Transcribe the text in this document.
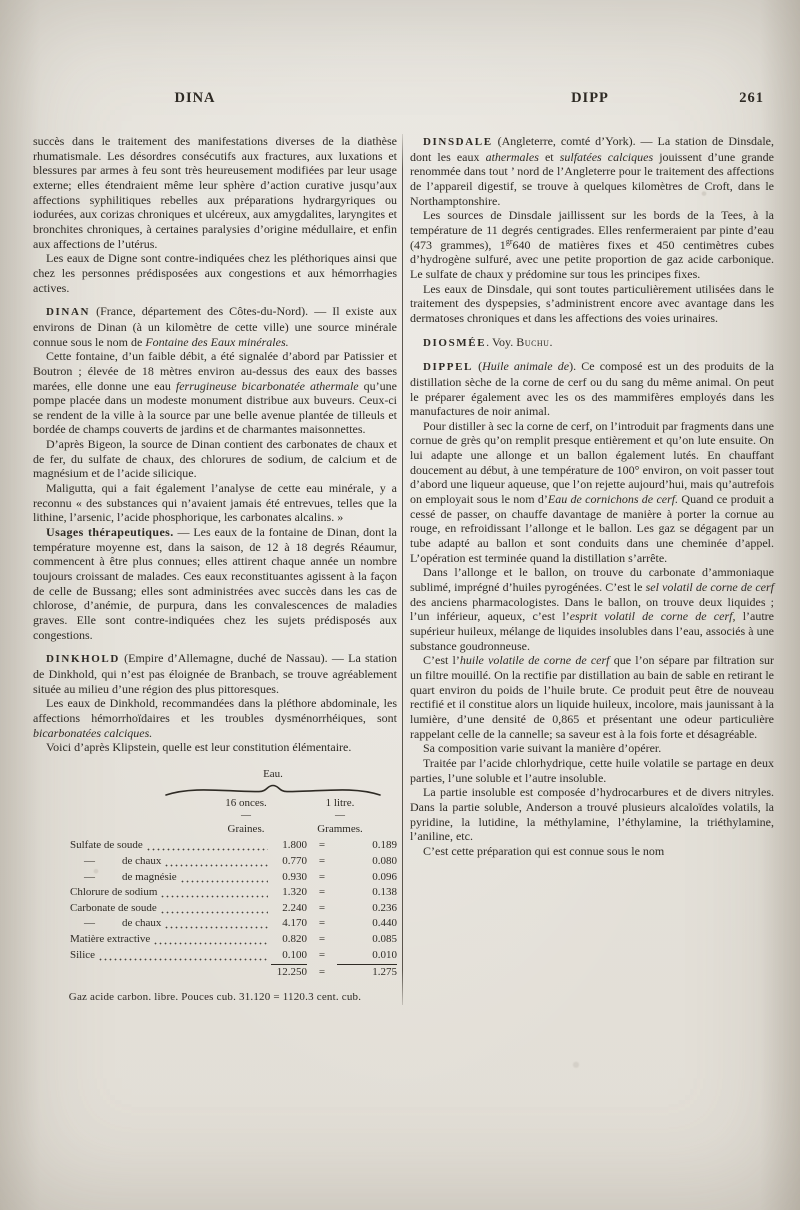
DINA	DIPP	261

succès dans le traitement des manifestations diverses de la diathèse rhumatismale. Les désordres consécutifs aux fractures, aux luxations et blessures par armes à feu sont très heureusement modifiées par leur usage externe; elles étendraient même leur sphère d’action curative jusqu’aux affections syphilitiques rebelles aux préparations hydrargyriques ou iodurées, aux corizas chroniques et ulcéreux, aux amygdalites, laryngites et bronchites chroniques, à certaines paralysies d’origine médullaire, et enfin aux affections de l’utérus.

Les eaux de Digne sont contre-indiquées chez les pléthoriques ainsi que chez les personnes prédisposées aux congestions et aux hémorrhagies actives.

DINAN (France, département des Côtes-du-Nord). — Il existe aux environs de Dinan (à un kilomètre de cette ville) une source minérale connue sous le nom de Fontaine des Eaux minérales.

Cette fontaine, d’un faible débit, a été signalée d’abord par Patissier et Boutron ; élevée de 18 mètres environ au-dessus des eaux des basses marées, elle donne une eau ferrugineuse bicarbonatée athermale qu’une pompe placée dans un modeste monument distribue aux buveurs. Ceux-ci se rendent de la ville à la source par une belle avenue plantée de tilleuls et bordée de champs couverts de jardins et de charmantes maisonnettes.

D’après Bigeon, la source de Dinan contient des carbonates de chaux et de fer, du sulfate de chaux, des chlorures de sodium, de calcium et de magnésium et de l’acide silicique.

Maligutta, qui a fait également l’analyse de cette eau minérale, y a reconnu « des substances qui n’avaient jamais été entrevues, telles que la lithine, l’arsenic, l’acide phosphorique, les carbonates alcalins. »

Usages thérapeutiques. — Les eaux de la fontaine de Dinan, dont la température moyenne est, dans la saison, de 12 à 18 degrés Réaumur, commencent à être plus connues; elles attirent chaque année un nombre toujours croissant de malades. Ces eaux reconstituantes agissent à la façon de celle de Bussang; elles sont administrées avec succès dans les cas de chlorose, d’anémie, de purpura, dans les convalescences de maladies graves. Elle sont contre-indiquées chez les sujets prédisposés aux congestions.

DINKHOLD (Empire d’Allemagne, duché de Nassau). — La station de Dinkhold, qui n’est pas éloignée de Branbach, se trouve agréablement située au milieu d’une région des plus pittoresques.

Les eaux de Dinkhold, recommandées dans la pléthore abdominale, les affections hémorrhoïdaires et les troubles dysménorrhéiques, sont bicarbonatées calciques.

Voici d’après Klipstein, quelle est leur constitution élémentaire.

Eau.
16 onces.	1 litre.
—	—
Graines.	Grammes.
Sulfate de soude	1.800	=	0.189
— de chaux	0.770	=	0.080
— de magnésie	0.930	=	0.096
Chlorure de sodium	1.320	=	0.138
Carbonate de soude	2.240	=	0.236
— de chaux	4.170	=	0.440
Matière extractive	0.820	=	0.085
Silice	0.100	=	0.010
12.250	=	1.275
Gaz acide carbon. libre. Pouces cub. 31.120 = 1120.3 cent. cub.

DINSDALE (Angleterre, comté d’York). — La station de Dinsdale, dont les eaux athermales et sulfatées calciques jouissent d’une grande renommée dans tout ’ nord de l’Angleterre pour le traitement des affections de l’appareil digestif, se trouve à quelques kilomètres de Croft, dans le Northamptonshire.

Les sources de Dinsdale jaillissent sur les bords de la Tees, à la température de 11 degrés centigrades. Elles renfermeraient par pinte d’eau (473 grammes), $1^{gr}640$ de matières fixes et 450 centimètres cubes d’hydrogène sulfuré, avec une petite proportion de gaz acide carbonique. Le sulfate de chaux y prédomine sur tous les principes fixes.

Les eaux de Dinsdale, qui sont toutes particulièrement utilisées dans le traitement des dyspepsies, s’administrent encore avec avantage dans les dermatoses chroniques et dans les affections des voies urinaires.

DIOSMÉE. Voy. Buchu.

DIPPEL (Huile animale de). Ce composé est un des produits de la distillation sèche de la corne de cerf ou du sang du même animal. On peut le préparer également avec les os des mammifères employés dans les manufactures de noir animal.

Pour distiller à sec la corne de cerf, on l’introduit par fragments dans une cornue de grès qu’on remplit presque entièrement et qu’on lute ensuite. On lui adapte une allonge et un ballon également lutés. En chauffant doucement au début, à une température de 100° environ, on voit passer tout d’abord une liqueur aqueuse, que l’on rejette aujourd’hui, mais qu’autrefois on employait sous le nom d’Eau de cornichons de cerf. Quand ce produit a cessé de passer, on chauffe davantage de manière à porter la cornue au rouge, en refroidissant l’allonge et le ballon. Les gaz se dégagent par un tube adapté au ballon et sont conduits dans une cheminée d’appel. L’opération est terminée quand la distillation s’arrête.

Dans l’allonge et le ballon, on trouve du carbonate d’ammoniaque sublimé, imprégné d’huiles pyrogénées. C’est le sel volatil de corne de cerf des anciens pharmacologistes. Dans le ballon, on trouve deux liquides ; l’un inférieur, aqueux, c’est l’esprit volatil de corne de cerf, l’autre supérieur huileux, mélange de liquides insolubles dans l’eau, associés à une substance goudronneuse.

C’est l’huile volatile de corne de cerf que l’on sépare par filtration sur un filtre mouillé. On la rectifie par distillation au bain de sable en retirant le quart environ du poids de l’huile brute. Ce produit peut être de nouveau rectifié et il constitue alors un liquide huileux, incolore, mais jaunissant à la lumière, d’une densité de 0,865 et présentant une odeur particulière rappelant celle de la cannelle; sa saveur est à la fois forte et désagréable.

Sa composition varie suivant la manière d’opérer.

Traitée par l’acide chlorhydrique, cette huile volatile se partage en deux parties, l’une soluble et l’autre insoluble.

La partie insoluble est composée d’hydrocarbures et de divers nitryles. Dans la partie soluble, Anderson a trouvé plusieurs alcaloïdes volatils, la pyridine, la lutidine, la méthylamine, l’éthylamine, la triéthylamine, l’aniline, etc.

C’est cette préparation qui est connue sous le nom
